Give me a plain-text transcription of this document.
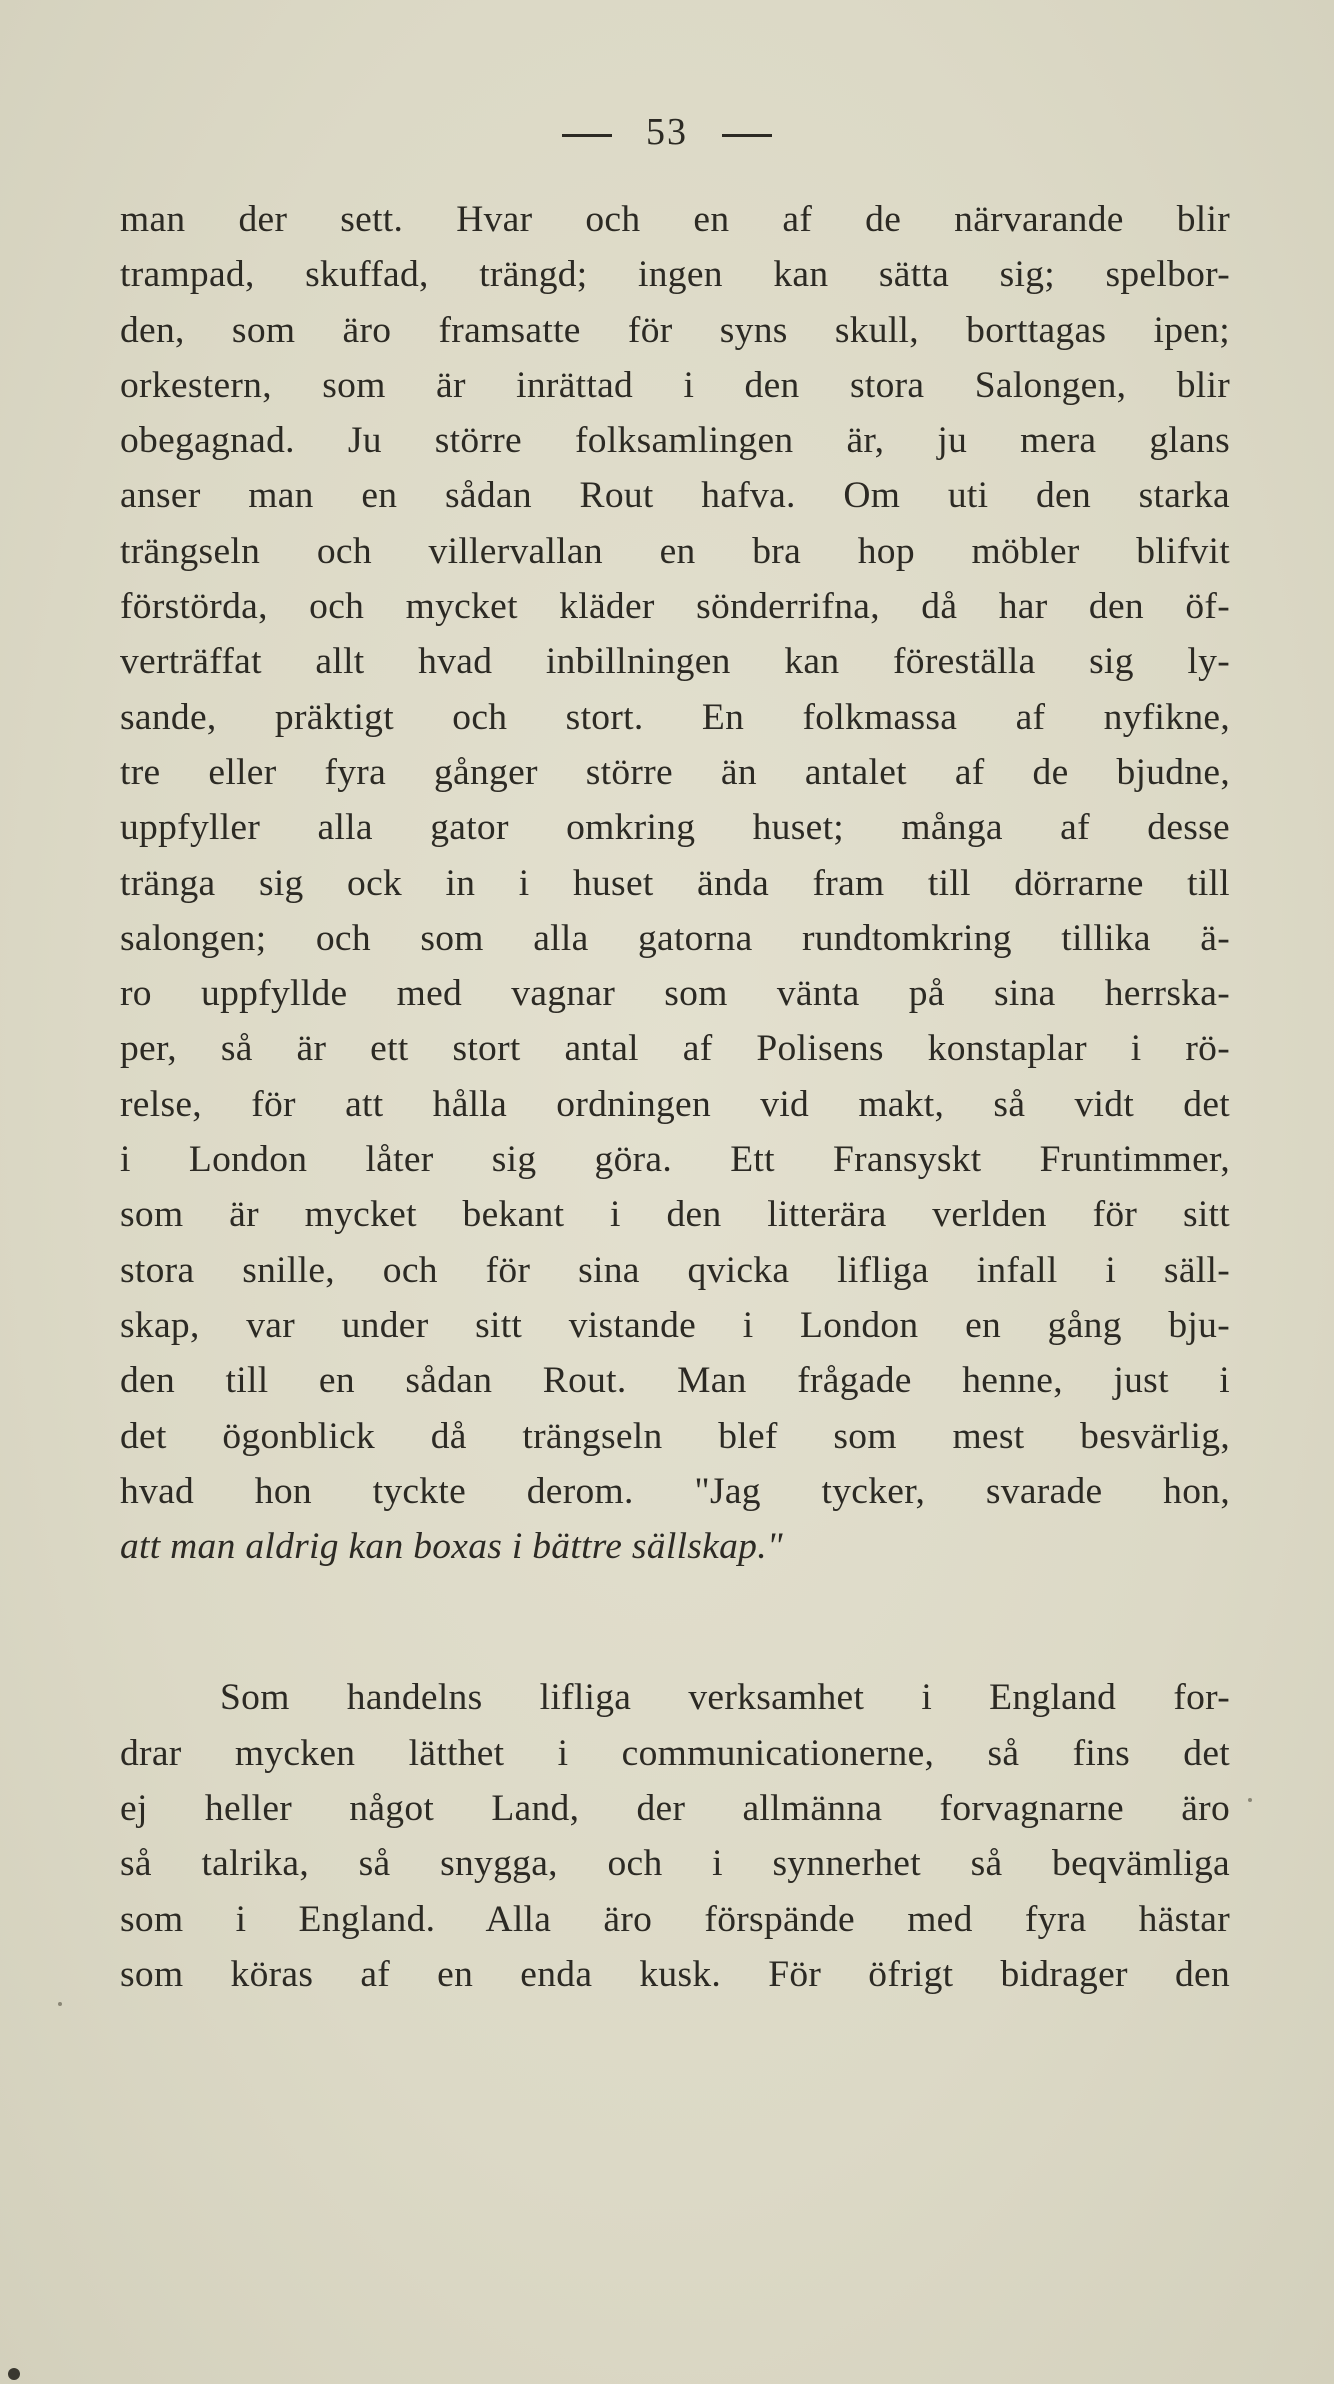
53
man der sett. Hvar och en af de närvarande blir
trampad, skuffad, trängd; ingen kan sätta sig; spelbor-
den, som äro framsatte för syns skull, borttagas ipen;
orkestern, som är inrättad i den stora Salongen, blir
obegagnad. Ju större folksamlingen är, ju mera glans
anser man en sådan Rout hafva. Om uti den starka
trängseln och villervallan en bra hop möbler blifvit
förstörda, och mycket kläder sönderrifna, då har den öf-
verträffat allt hvad inbillningen kan föreställa sig ly-
sande, präktigt och stort. En folkmassa af nyfikne,
tre eller fyra gånger större än antalet af de bjudne,
uppfyller alla gator omkring huset; många af desse
tränga sig ock in i huset ända fram till dörrarne till
salongen; och som alla gatorna rundtomkring tillika ä-
ro uppfyllde med vagnar som vänta på sina herrska-
per, så är ett stort antal af Polisens konstaplar i rö-
relse, för att hålla ordningen vid makt, så vidt det
i London låter sig göra. Ett Fransyskt Fruntimmer,
som är mycket bekant i den litterära verlden för sitt
stora snille, och för sina qvicka lifliga infall i säll-
skap, var under sitt vistande i London en gång bju-
den till en sådan Rout. Man frågade henne, just i
det ögonblick då trängseln blef som mest besvärlig,
hvad hon tyckte derom. "Jag tycker, svarade hon,
att man aldrig kan boxas i bättre sällskap."
Som handelns lifliga verksamhet i England for-
drar mycken lätthet i communicationerne, så fins det
ej heller något Land, der allmänna forvagnarne äro
så talrika, så snygga, och i synnerhet så beqvämliga
som i England. Alla äro förspände med fyra hästar
som köras af en enda kusk. För öfrigt bidrager den
